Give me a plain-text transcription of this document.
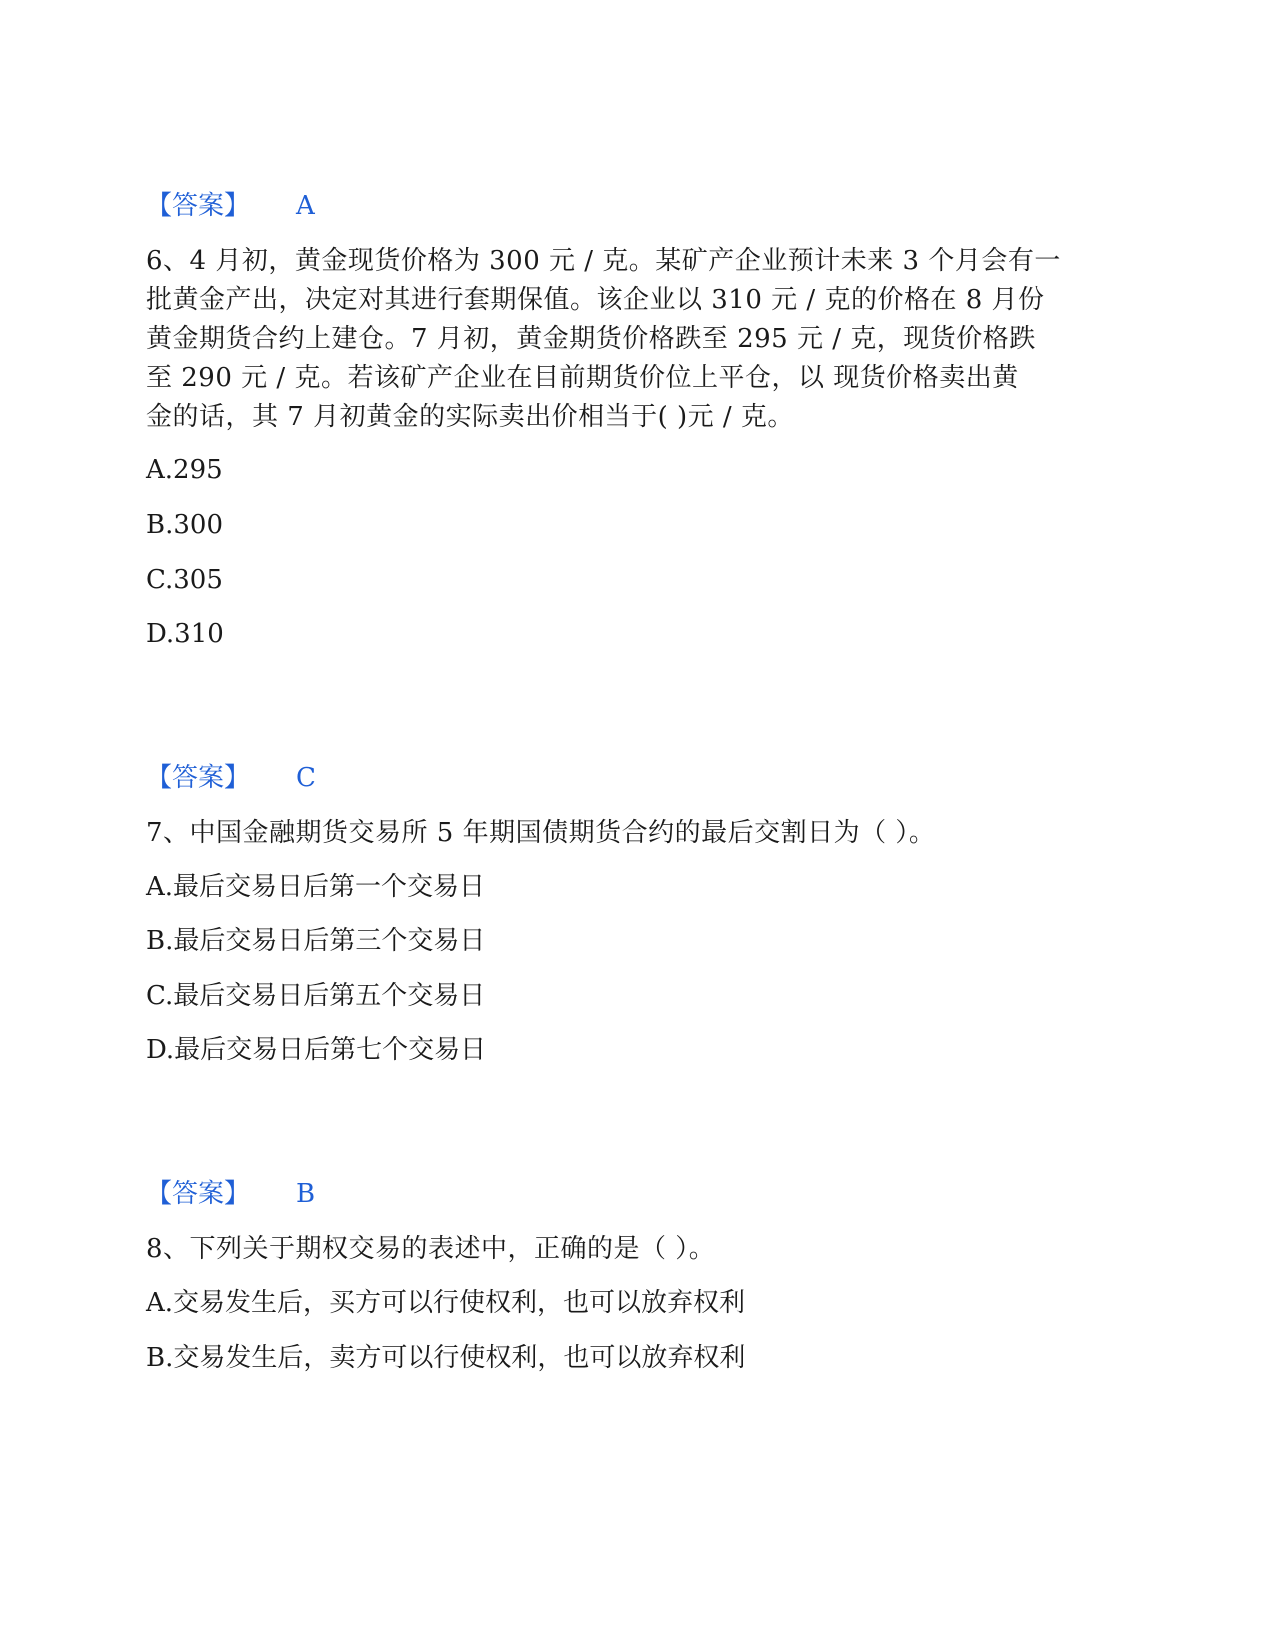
【答案】 A
6、4 月初，黄金现货价格为 300 元 / 克。某矿产企业预计未来 3 个月会有一
批黄金产出，决定对其进行套期保值。该企业以 310 元 / 克的价格在 8 月份
黄金期货合约上建仓。7 月初，黄金期货价格跌至 295 元 / 克，现货价格跌
至 290 元 / 克。若该矿产企业在目前期货价位上平仓，以 现货价格卖出黄
金的话，其 7 月初黄金的实际卖出价相当于( )元 / 克。
A.295
B.300
C.305
D.310
【答案】 C
7、中国金融期货交易所 5 年期国债期货合约的最后交割日为（ ）。
A.最后交易日后第一个交易日
B.最后交易日后第三个交易日
C.最后交易日后第五个交易日
D.最后交易日后第七个交易日
【答案】 B
8、下列关于期权交易的表述中，正确的是（ ）。
A.交易发生后，买方可以行使权利，也可以放弃权利
B.交易发生后，卖方可以行使权利，也可以放弃权利
